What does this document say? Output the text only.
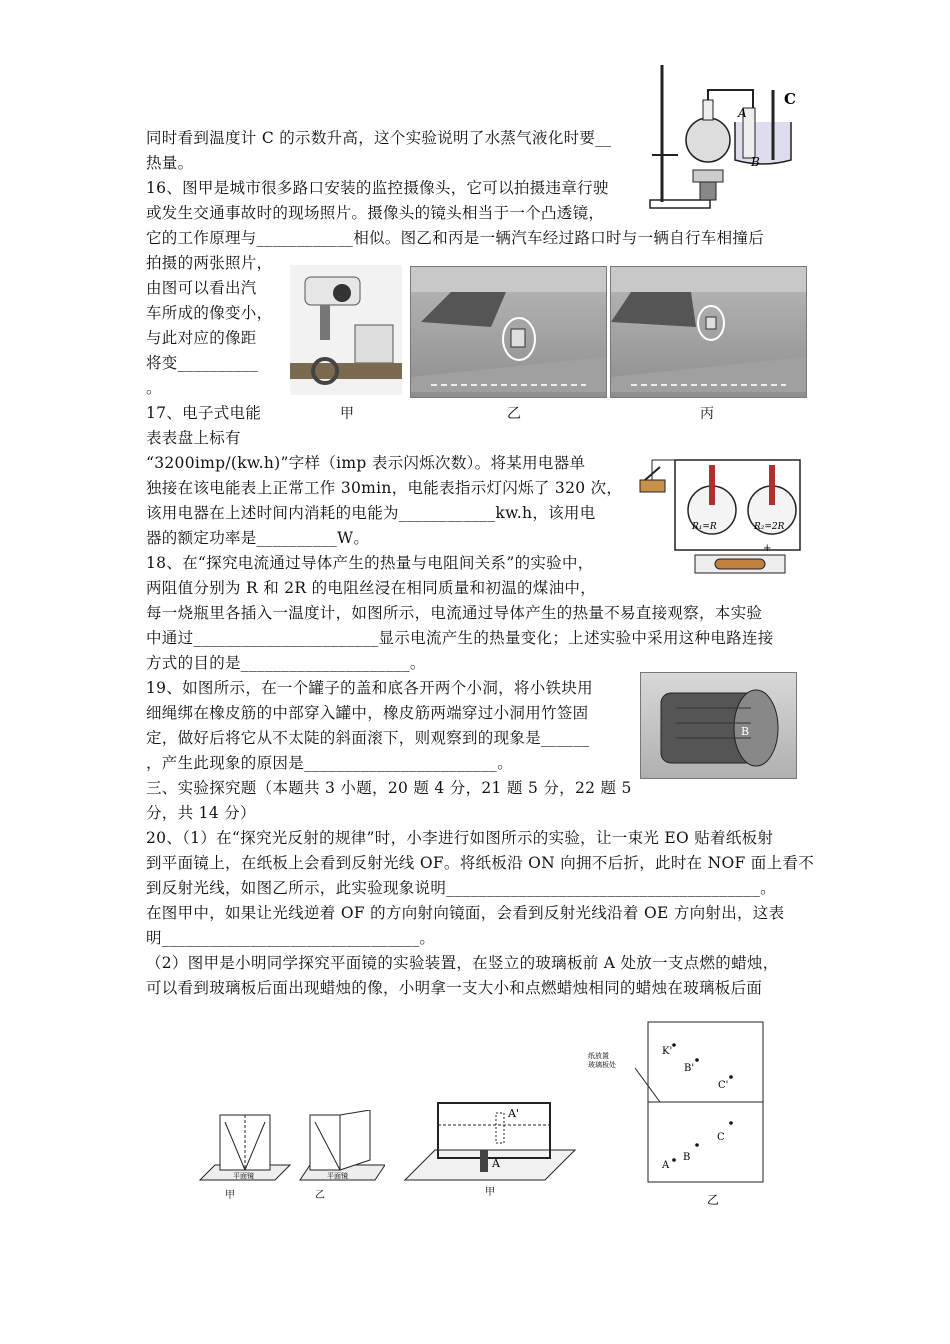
同时看到温度计 C 的示数升高，这个实验说明了水蒸气液化时要__
热量。
16、图甲是城市很多路口安装的监控摄像头，它可以拍摄违章行驶
或发生交通事故时的现场照片。摄像头的镜头相当于一个凸透镜，
它的工作原理与____________相似。图乙和丙是一辆汽车经过路口时与一辆自行车相撞后
拍摄的两张照片，
由图可以看出汽
车所成的像变小，
与此对应的像距
将变__________
。
17、电子式电能
表表盘上标有
“3200imp/(kw.h)”字样（imp 表示闪烁次数）。将某用电器单
独接在该电能表上正常工作 30min，电能表指示灯闪烁了 320 次，
该用电器在上述时间内消耗的电能为____________kw.h，该用电
器的额定功率是__________W。
18、在“探究电流通过导体产生的热量与电阻间关系”的实验中，
两阻值分别为 R 和 2R 的电阻丝浸在相同质量和初温的煤油中，
每一烧瓶里各插入一温度计，如图所示，电流通过导体产生的热量不易直接观察，本实验
中通过_______________________显示电流产生的热量变化；上述实验中采用这种电路连接
方式的目的是_____________________。
19、如图所示，在一个罐子的盖和底各开两个小洞，将小铁块用
细绳绑在橡皮筋的中部穿入罐中，橡皮筋两端穿过小洞用竹签固
定，做好后将它从不太陡的斜面滚下，则观察到的现象是______
，产生此现象的原因是________________________。
三、实验探究题（本题共 3 小题，20 题 4 分，21 题 5 分，22 题 5
分，共 14 分）
20、（1）在“探究光反射的规律”时，小李进行如图所示的实验，让一束光 EO 贴着纸板射
到平面镜上，在纸板上会看到反射光线 OF。将纸板沿 ON 向拥不后折，此时在 NOF 面上看不
到反射光线，如图乙所示，此实验现象说明_______________________________________。
在图甲中，如果让光线逆着 OF 的方向射向镜面，会看到反射光线沿着 OE 方向射出，这表
明________________________________。
（2）图甲是小明同学探究平面镜的实验装置，在竖立的玻璃板前 A 处放一支点燃的蜡烛，
可以看到玻璃板后面出现蜡烛的像，小明拿一支大小和点燃蜡烛相同的蜡烛在玻璃板后面
A
B
C
甲	乙	丙
R₁=R	R₂=2R
+
B
平面镜	平面镜
甲	乙
A'
A
甲
纸放置 玻璃板处
K'
B'
C'
C
B
A
乙
